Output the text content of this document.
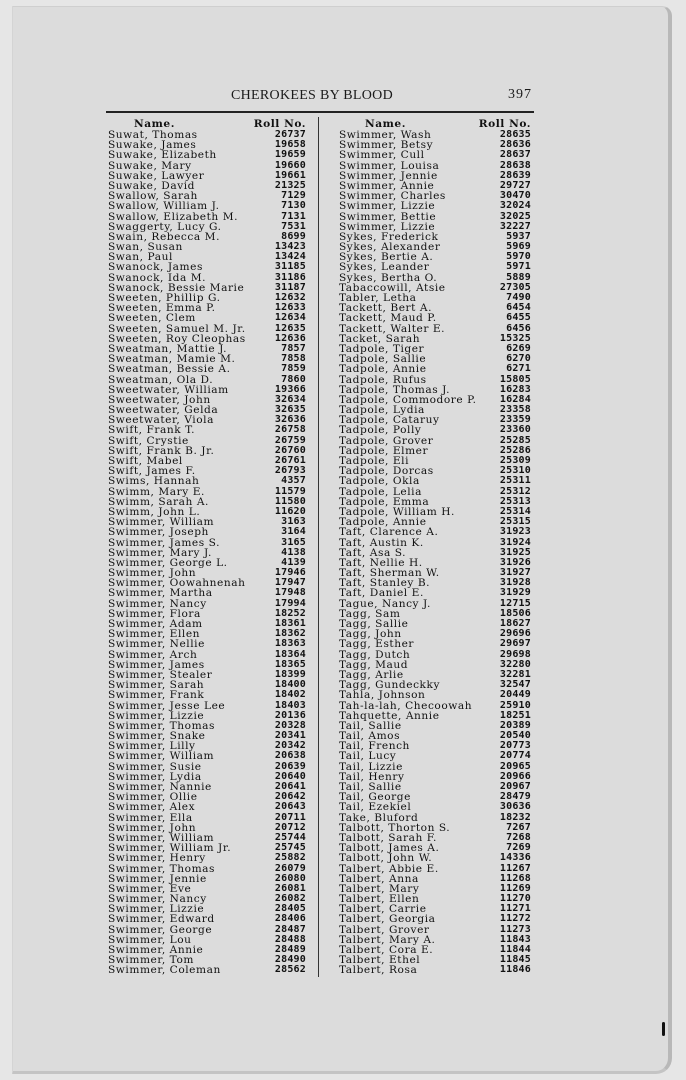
CHEROKEES BY BLOOD	397
Name.	Roll No.
Suwat, Thomas	26737
Suwake, James	19658
Suwake, Elizabeth	19659
Suwake, Mary	19660
Suwake, Lawyer	19661
Suwake, David	21325
Swallow, Sarah	7129
Swallow, William J.	7130
Swallow, Elizabeth M.	7131
Swaggerty, Lucy G.	7531
Swain, Rebecca M.	8699
Swan, Susan	13423
Swan, Paul	13424
Swanock, James	31185
Swanock, Ida M.	31186
Swanock, Bessie Marie	31187
Sweeten, Phillip G.	12632
Sweeten, Emma P.	12633
Sweeten, Clem	12634
Sweeten, Samuel M. Jr.	12635
Sweeten, Roy Cleophas	12636
Sweatman, Mattie J.	7857
Sweatman, Mamie M.	7858
Sweatman, Bessie A.	7859
Sweatman, Ola D.	7860
Sweetwater, William	19366
Sweetwater, John	32634
Sweetwater, Gelda	32635
Sweetwater, Viola	32636
Swift, Frank T.	26758
Swift, Crystie	26759
Swift, Frank B. Jr.	26760
Swift, Mabel	26761
Swift, James F.	26793
Swims, Hannah	4357
Swimm, Mary E.	11579
Swimm, Sarah A.	11580
Swimm, John L.	11620
Swimmer, William	3163
Swimmer, Joseph	3164
Swimmer, James S.	3165
Swimmer, Mary J.	4138
Swimmer, George L.	4139
Swimmer, John	17946
Swimmer, Oowahnenah	17947
Swimmer, Martha	17948
Swimmer, Nancy	17994
Swimmer, Flora	18252
Swimmer, Adam	18361
Swimmer, Ellen	18362
Swimmer, Nellie	18363
Swimmer, Arch	18364
Swimmer, James	18365
Swimmer, Stealer	18399
Swimmer, Sarah	18400
Swimmer, Frank	18402
Swimmer, Jesse Lee	18403
Swimmer, Lizzie	20136
Swimmer, Thomas	20328
Swimmer, Snake	20341
Swimmer, Lilly	20342
Swimmer, William	20638
Swimmer, Susie	20639
Swimmer, Lydia	20640
Swimmer, Nannie	20641
Swimmer, Ollie	20642
Swimmer, Alex	20643
Swimmer, Ella	20711
Swimmer, John	20712
Swimmer, William	25744
Swimmer, William Jr.	25745
Swimmer, Henry	25882
Swimmer, Thomas	26079
Swimmer, Jennie	26080
Swimmer, Eve	26081
Swimmer, Nancy	26082
Swimmer, Lizzie	28405
Swimmer, Edward	28406
Swimmer, George	28487
Swimmer, Lou	28488
Swimmer, Annie	28489
Swimmer, Tom	28490
Swimmer, Coleman	28562
Name.	Roll No.
Swimmer, Wash	28635
Swimmer, Betsy	28636
Swimmer, Cull	28637
Swimmer, Louisa	28638
Swimmer, Jennie	28639
Swimmer, Annie	29727
Swimmer, Charles	30470
Swimmer, Lizzie	32024
Swimmer, Bettie	32025
Swimmer, Lizzie	32227
Sykes, Frederick	5937
Sykes, Alexander	5969
Sykes, Bertie A.	5970
Sykes, Leander	5971
Sykes, Bertha O.	5889
Tabaccowill, Atsie	27305
Tabler, Letha	7490
Tackett, Bert A.	6454
Tackett, Maud P.	6455
Tackett, Walter E.	6456
Tacket, Sarah	15325
Tadpole, Tiger	6269
Tadpole, Sallie	6270
Tadpole, Annie	6271
Tadpole, Rufus	15805
Tadpole, Thomas J.	16283
Tadpole, Commodore P. 16284
Tadpole, Lydia	23358
Tadpole, Cataruy	23359
Tadpole, Polly	23360
Tadpole, Grover	25285
Tadpole, Elmer	25286
Tadpole, Eli	25309
Tadpole, Dorcas	25310
Tadpole, Okla	25311
Tadpole, Lelia	25312
Tadpole, Emma	25313
Tadpole, William H.	25314
Tadpole, Annie	25315
Taft, Clarence A.	31923
Taft, Austin K.	31924
Taft, Asa S.	31925
Taft, Nellie H.	31926
Taft, Sherman W.	31927
Taft, Stanley B.	31928
Taft, Daniel E.	31929
Tague, Nancy J.	12715
Tagg, Sam	18506
Tagg, Sallie	18627
Tagg, John	29696
Tagg, Esther	29697
Tagg, Dutch	29698
Tagg, Maud	32280
Tagg, Arlie	32281
Tagg, Gundeckky	32547
Tahla, Johnson	20449
Tah-la-lah, Checoowah	25910
Tahquette, Annie	18251
Tail, Sallie	20389
Tail, Amos	20540
Tail, French	20773
Tail, Lucy	20774
Tail, Lizzie	20965
Tail, Henry	20966
Tail, Sallie	20967
Tail, George	28479
Tail, Ezekiel	30636
Take, Bluford	18232
Talbott, Thorton S.	7267
Talbott, Sarah F.	7268
Talbott, James A.	7269
Talbott, John W.	14336
Talbert, Abbie E.	11267
Talbert, Anna	11268
Talbert, Mary	11269
Talbert, Ellen	11270
Talbert, Carrie	11271
Talbert, Georgia	11272
Talbert, Grover	11273
Talbert, Mary A.	11843
Talbert, Cora E.	11844
Talbert, Ethel	11845
Talbert, Rosa	11846
